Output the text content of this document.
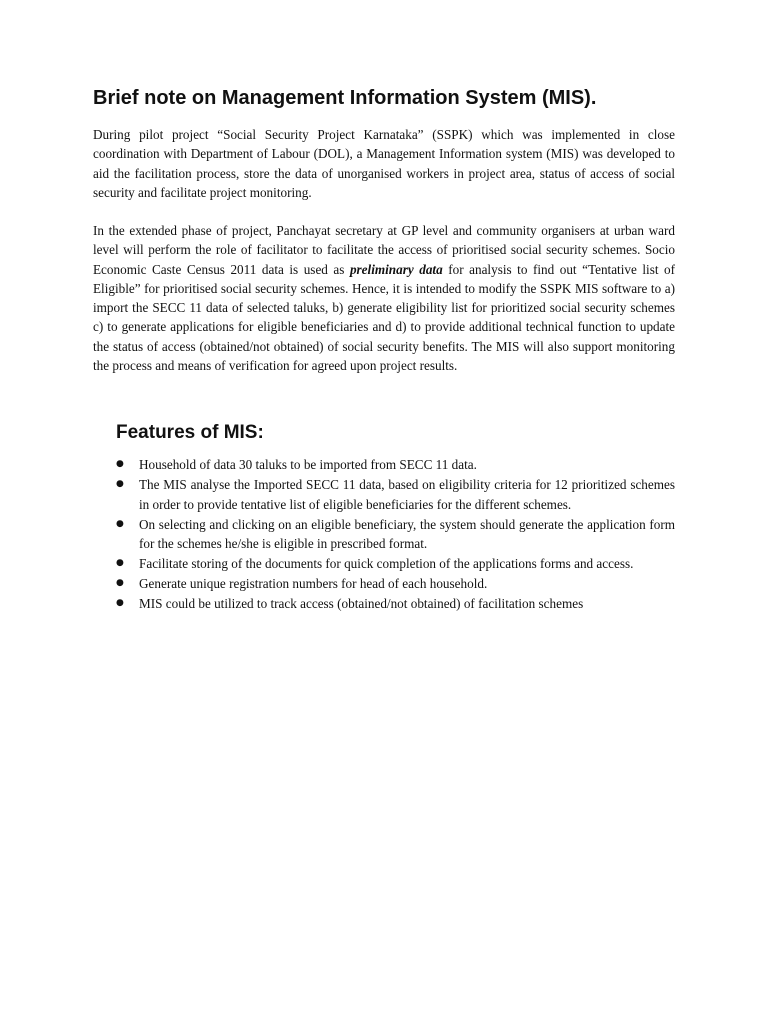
Brief note on Management Information System (MIS).

During pilot project “Social Security Project Karnataka” (SSPK) which was implemented in close coordination with Department of Labour (DOL), a Management Information system (MIS) was developed to aid the facilitation process, store the data of unorganised workers in project area, status of access of social security and facilitate project monitoring.

In the extended phase of project, Panchayat secretary at GP level and community organisers at urban ward level will perform the role of facilitator to facilitate the access of prioritised social security schemes. Socio Economic Caste Census 2011 data is used as preliminary data for analysis to find out “Tentative list of Eligible” for prioritised social security schemes. Hence, it is intended to modify the SSPK MIS software to a) import the SECC 11 data of selected taluks, b) generate eligibility list for prioritized social security schemes c) to generate applications for eligible beneficiaries and d) to provide additional technical function to update the status of access (obtained/not obtained) of social security benefits. The MIS will also support monitoring the process and means of verification for agreed upon project results.

Features of MIS:
● Household of data 30 taluks to be imported from SECC 11 data.
● The MIS analyse the Imported SECC 11 data, based on eligibility criteria for 12 prioritized schemes in order to provide tentative list of eligible beneficiaries for the different schemes.
● On selecting and clicking on an eligible beneficiary, the system should generate the application form for the schemes he/she is eligible in prescribed format.
● Facilitate storing of the documents for quick completion of the applications forms and access.
● Generate unique registration numbers for head of each household.
● MIS could be utilized to track access (obtained/not obtained) of facilitation schemes
